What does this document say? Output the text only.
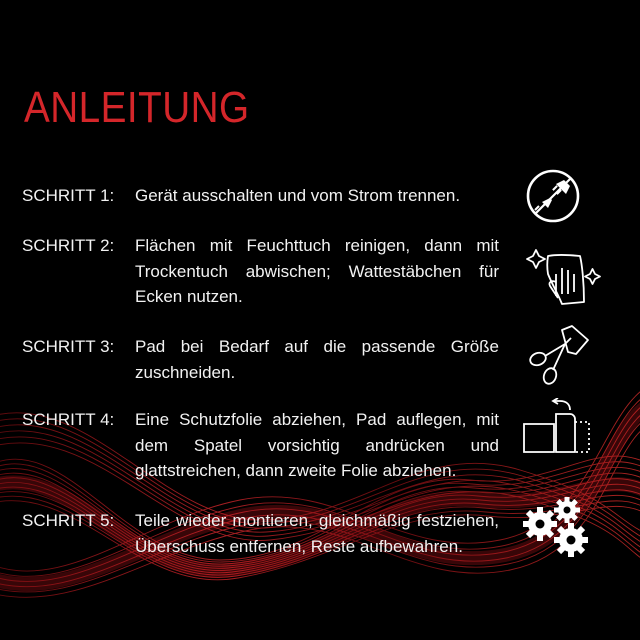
ANLEITUNG
SCHRITT 1:	Gerät ausschalten und vom Strom trennen.
SCHRITT 2:	Flächen mit Feuchttuch reinigen, dann mit Trockentuch abwischen; Wattestäbchen für Ecken nutzen.
SCHRITT 3:	Pad bei Bedarf auf die passende Größe zuschneiden.
SCHRITT 4:	Eine Schutzfolie abziehen, Pad auflegen, mit dem Spatel vorsichtig andrücken und glattstreichen, dann zweite Folie abziehen.
SCHRITT 5:	Teile wieder montieren, gleichmäßig festziehen, Überschuss entfernen, Reste aufbewahren.
